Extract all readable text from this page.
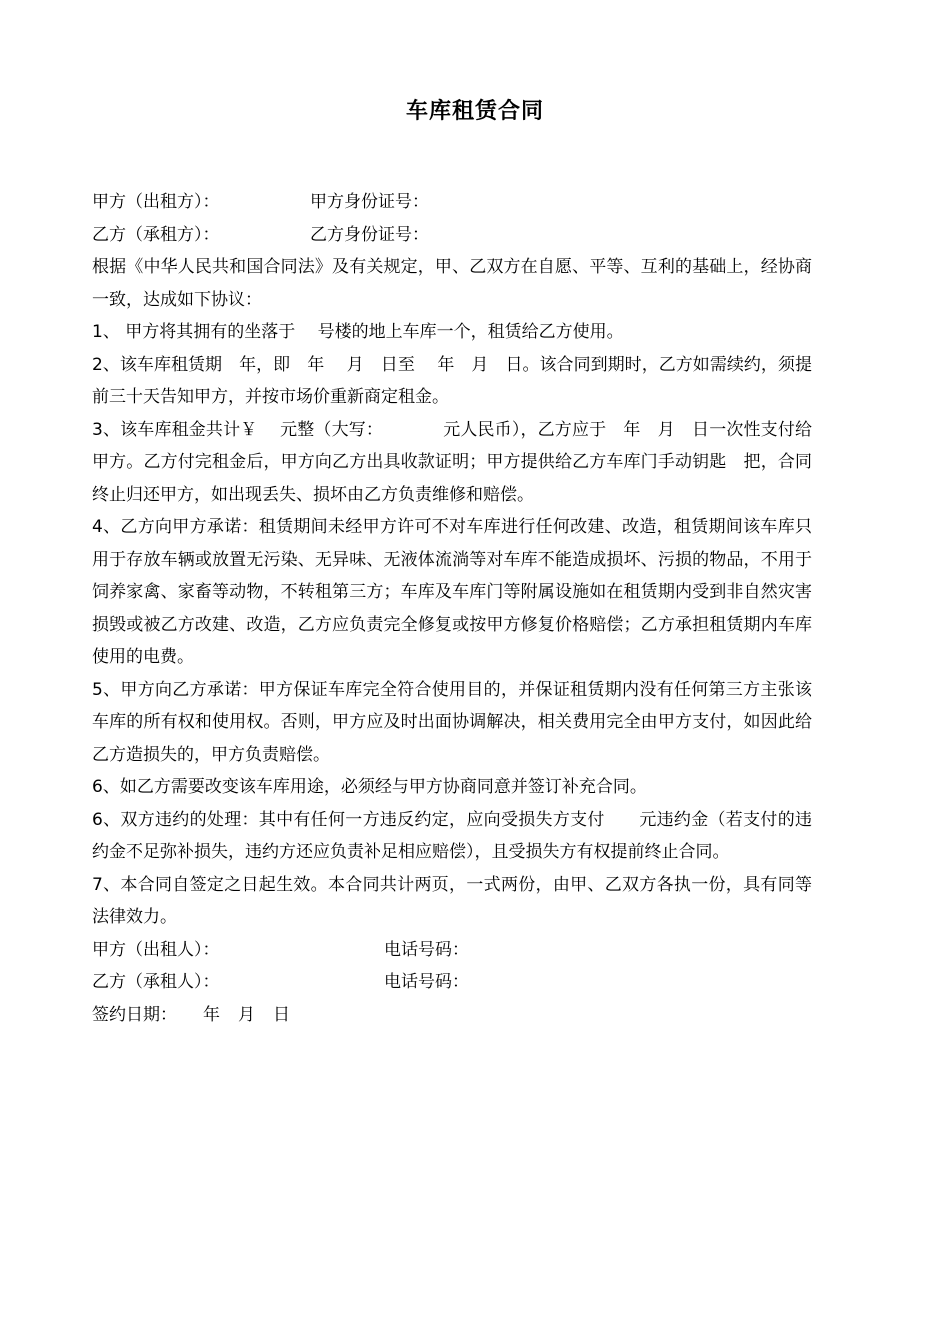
车库租赁合同
甲方（出租方）：	甲方身份证号：
乙方（承租方）：	乙方身份证号：

根据《中华人民共和国合同法》及有关规定，甲、乙双方在自愿、平等、互利的基础上，经协商一致，达成如下协议：

1、 甲方将其拥有的坐落于　 号楼的地上车库一个，租赁给乙方使用。

2、该车库租赁期　年，即　年　 月　日至　 年　月　日。该合同到期时，乙方如需续约，须提前三十天告知甲方，并按市场价重新商定租金。

3、该车库租金共计￥　 元整（大写：　　　　元人民币），乙方应于　年　月　日一次性支付给甲方。乙方付完租金后，甲方向乙方出具收款证明；甲方提供给乙方车库门手动钥匙　把，合同终止归还甲方，如出现丢失、损坏由乙方负责维修和赔偿。

4、乙方向甲方承诺：租赁期间未经甲方许可不对车库进行任何改建、改造，租赁期间该车库只用于存放车辆或放置无污染、无异味、无液体流淌等对车库不能造成损坏、污损的物品，不用于饲养家禽、家畜等动物，不转租第三方；车库及车库门等附属设施如在租赁期内受到非自然灾害损毁或被乙方改建、改造，乙方应负责完全修复或按甲方修复价格赔偿；乙方承担租赁期内车库使用的电费。

5、甲方向乙方承诺：甲方保证车库完全符合使用目的，并保证租赁期内没有任何第三方主张该车库的所有权和使用权。否则，甲方应及时出面协调解决，相关费用完全由甲方支付，如因此给乙方造损失的，甲方负责赔偿。

6、如乙方需要改变该车库用途，必须经与甲方协商同意并签订补充合同。

6、双方违约的处理：其中有任何一方违反约定，应向受损失方支付　　元违约金（若支付的违约金不足弥补损失，违约方还应负责补足相应赔偿），且受损失方有权提前终止合同。

7、本合同自签定之日起生效。本合同共计两页，一式两份，由甲、乙双方各执一份，具有同等法律效力。

甲方（出租人）：	电话号码：
乙方（承租人）：	电话号码：
签约日期： 年 月 日
